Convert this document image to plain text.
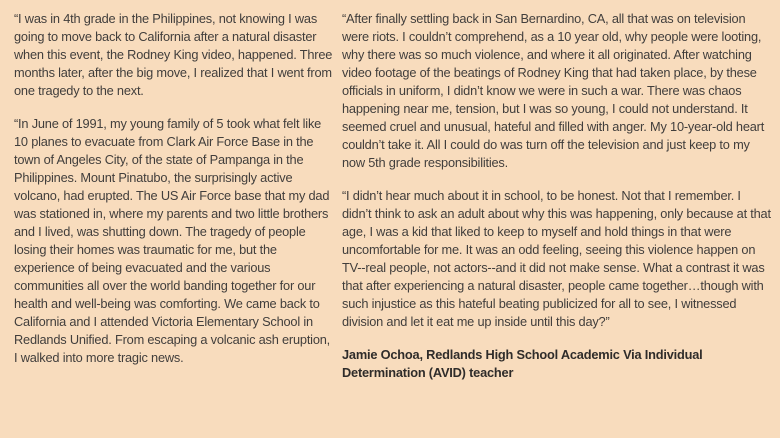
“I was in 4th grade in the Philippines, not knowing I was going to move back to California after a natural disaster when this event, the Rodney King video, happened. Three months later, after the big move, I realized that I went from one tragedy to the next.

“In June of 1991, my young family of 5 took what felt like 10 planes to evacuate from Clark Air Force Base in the town of Angeles City, of the state of Pampanga in the Philippines. Mount Pinatubo, the surprisingly active volcano, had erupted. The US Air Force base that my dad was stationed in, where my parents and two little brothers and I lived, was shutting down. The tragedy of people losing their homes was traumatic for me, but the experience of being evacuated and the various communities all over the world banding together for our health and well-being was comforting. We came back to California and I attended Victoria Elementary School in Redlands Unified. From escaping a volcanic ash eruption, I walked into more tragic news.

“After finally settling back in San Bernardino, CA, all that was on television were riots. I couldn’t comprehend, as a 10 year old, why people were looting, why there was so much violence, and where it all originated. After watching video footage of the beatings of Rodney King that had taken place, by these officials in uniform, I didn’t know we were in such a war. There was chaos happening near me, tension, but I was so young, I could not understand. It seemed cruel and unusual, hateful and filled with anger. My 10-year-old heart couldn’t take it. All I could do was turn off the television and just keep to my now 5th grade responsibilities.

“I didn’t hear much about it in school, to be honest. Not that I remember. I didn’t think to ask an adult about why this was happening, only because at that age, I was a kid that liked to keep to myself and hold things in that were uncomfortable for me. It was an odd feeling, seeing this violence happen on TV--real people, not actors--and it did not make sense. What a contrast it was that after experiencing a natural disaster, people came together…though with such injustice as this hateful beating publicized for all to see, I witnessed division and let it eat me up inside until this day?”

Jamie Ochoa, Redlands High School Academic Via Individual Determination (AVID) teacher
